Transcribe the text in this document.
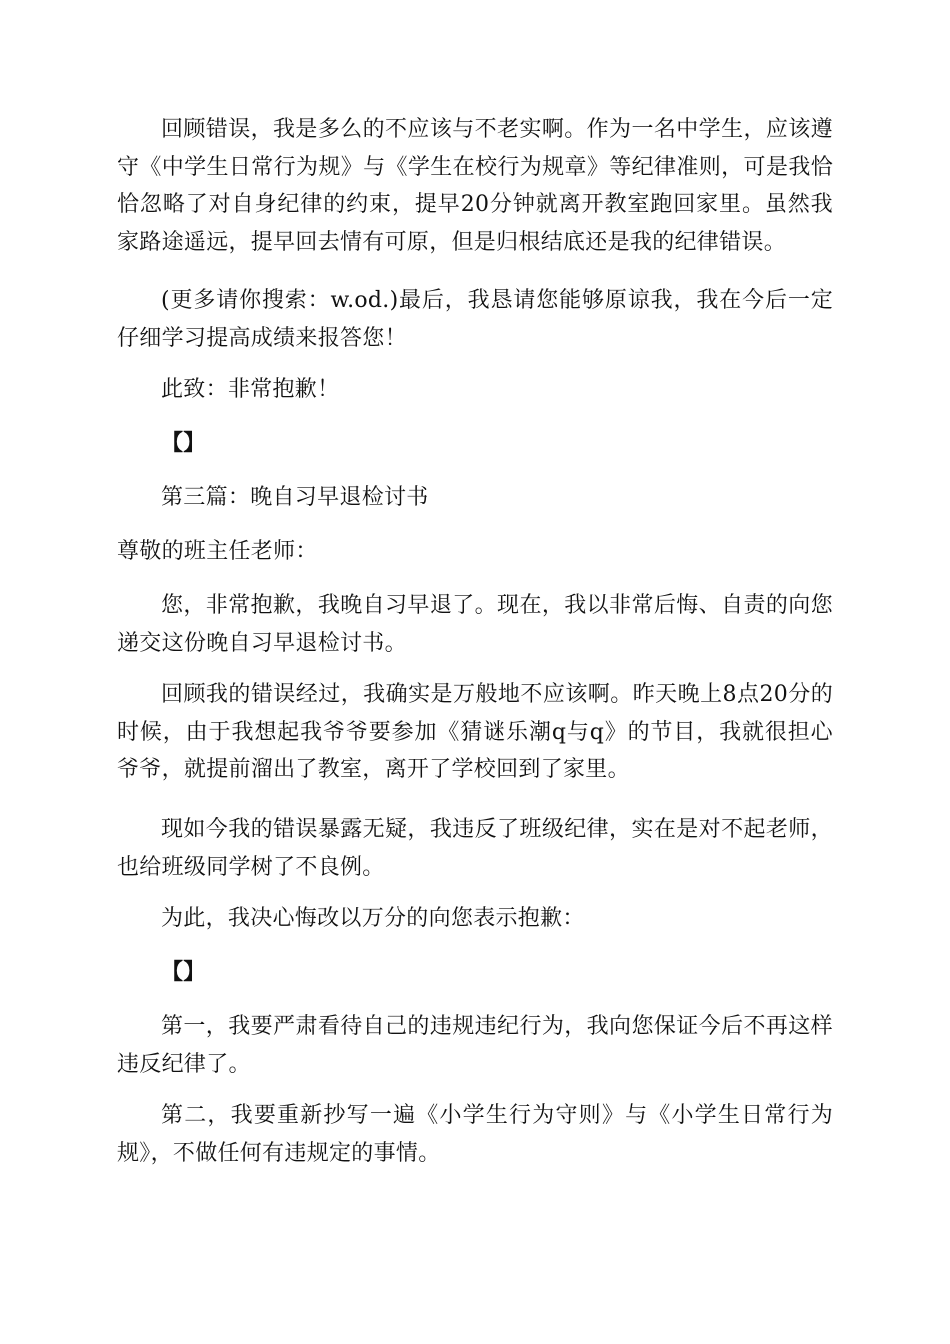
回顾错误，我是多么的不应该与不老实啊。作为一名中学生，应该遵守《中学生日常行为规》与《学生在校行为规章》等纪律准则，可是我恰恰忽略了对自身纪律的约束，提早20分钟就离开教室跑回家里。虽然我家路途遥远，提早回去情有可原，但是归根结底还是我的纪律错误。

(更多请你搜索：w.od.)最后，我恳请您能够原谅我，我在今后一定仔细学习提高成绩来报答您！

此致：非常抱歉！

【】

第三篇：晚自习早退检讨书

尊敬的班主任老师：

您，非常抱歉，我晚自习早退了。现在，我以非常后悔、自责的向您递交这份晚自习早退检讨书。

回顾我的错误经过，我确实是万般地不应该啊。昨天晚上8点20分的时候，由于我想起我爷爷要参加《猜谜乐潮q与q》的节目，我就很担心爷爷，就提前溜出了教室，离开了学校回到了家里。

现如今我的错误暴露无疑，我违反了班级纪律，实在是对不起老师，也给班级同学树了不良例。

为此，我决心悔改以万分的向您表示抱歉：

【】

第一，我要严肃看待自己的违规违纪行为，我向您保证今后不再这样违反纪律了。

第二，我要重新抄写一遍《小学生行为守则》与《小学生日常行为规》，不做任何有违规定的事情。
